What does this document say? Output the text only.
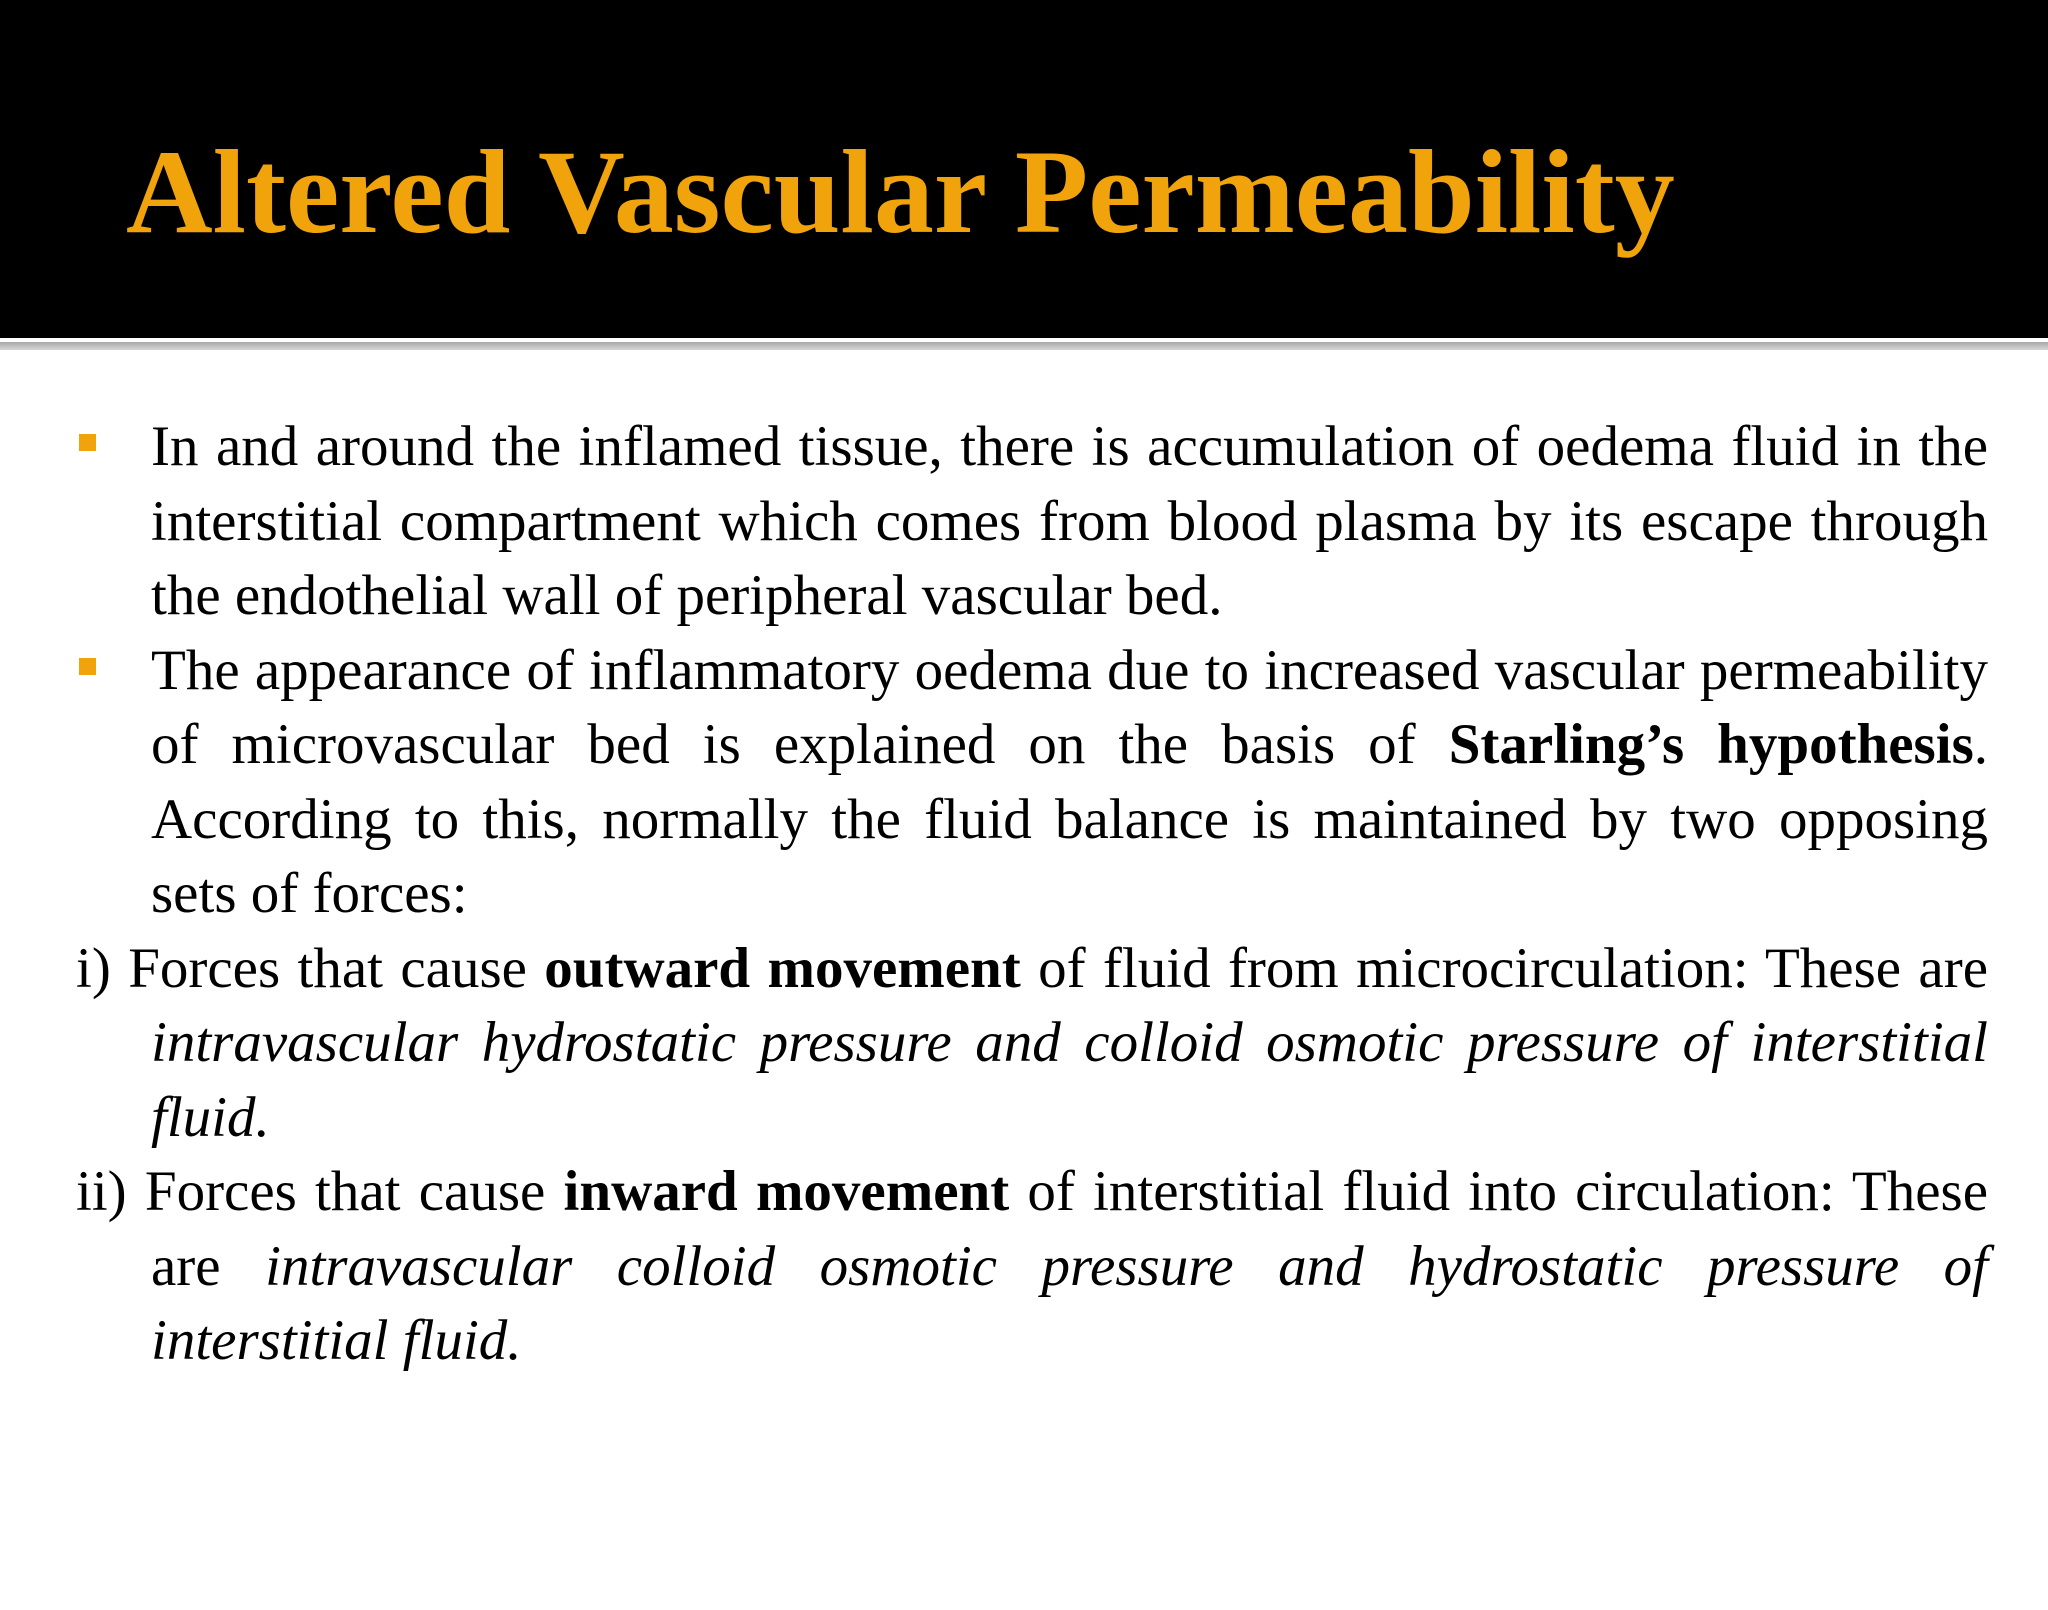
Altered Vascular Permeability
In and around the inflamed tissue, there is accumulation of oedema fluid in the interstitial compartment which comes from blood plasma by its escape through the endothelial wall of peripheral vascular bed.
The appearance of inflammatory oedema due to increased vascular permeability of microvascular bed is explained on the basis of Starling’s hypothesis. According to this, normally the fluid balance is maintained by two opposing sets of forces:
i) Forces that cause outward movement of fluid from microcirculation: These are intravascular hydrostatic pressure and colloid osmotic pressure of interstitial fluid.
ii) Forces that cause inward movement of interstitial fluid into circulation: These are intravascular colloid osmotic pressure and hydrostatic pressure of interstitial fluid.
